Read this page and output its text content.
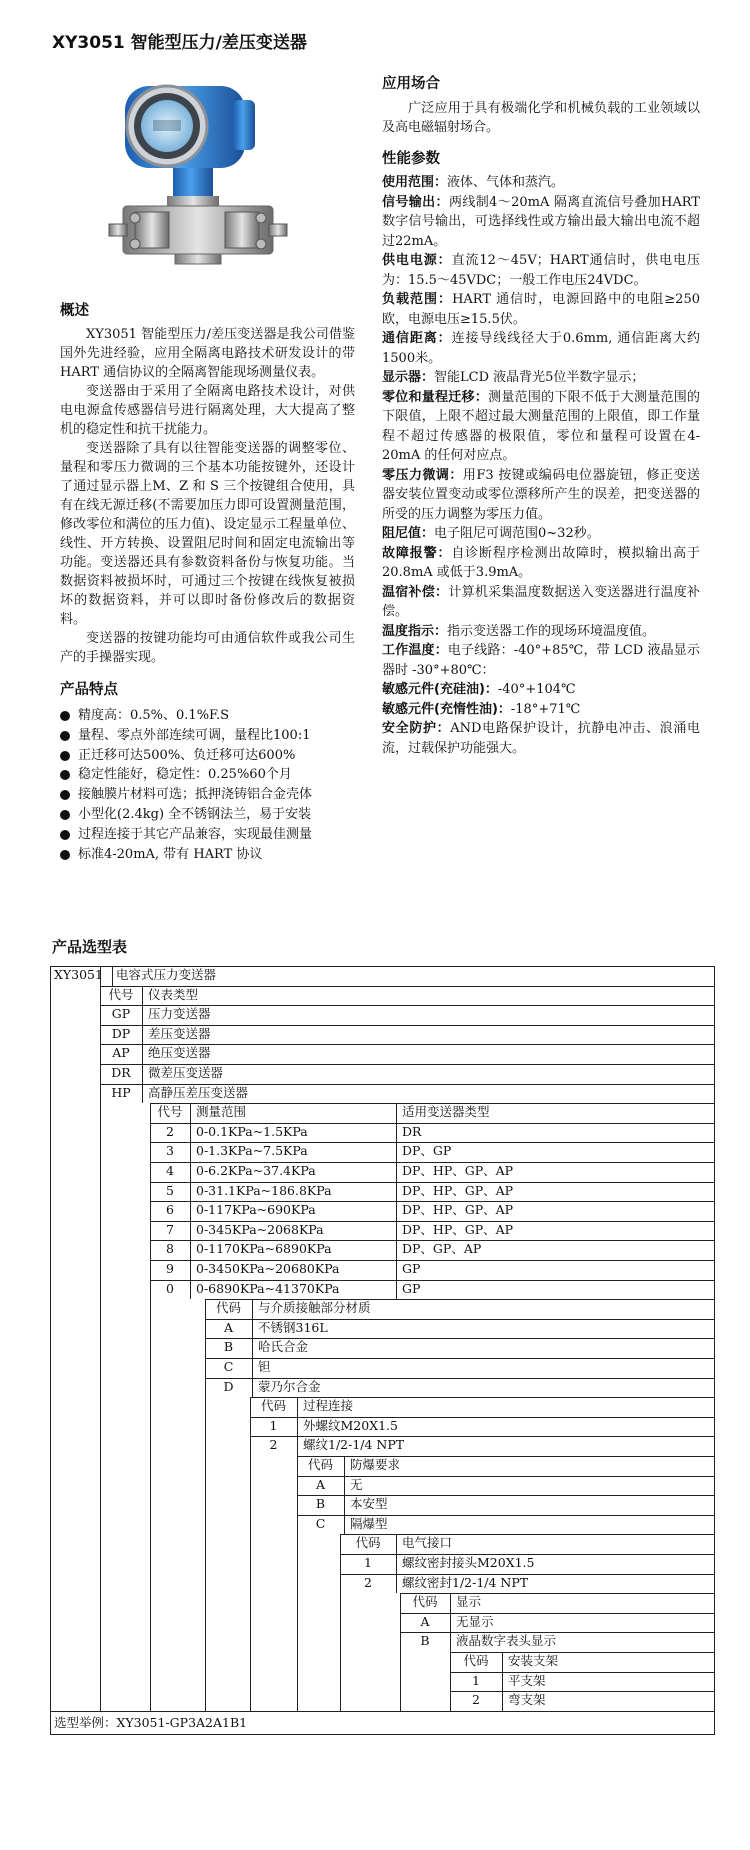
XY3051 智能型压力/差压变送器
概述

XY3051 智能型压力/差压变送器是我公司借鉴国外先进经验，应用全隔离电路技术研发设计的带 HART 通信协议的全隔离智能现场测量仪表。

变送器由于采用了全隔离电路技术设计，对供电电源盒传感器信号进行隔离处理，大大提高了整机的稳定性和抗干扰能力。

变送器除了具有以往智能变送器的调整零位、量程和零压力微调的三个基本功能按键外，还设计了通过显示器上M、Z 和 S 三个按键组合使用，具有在线无源迁移(不需要加压力即可设置测量范围，修改零位和满位的压力值)、设定显示工程量单位、线性、开方转换、设置阻尼时间和固定电流输出等功能。变送器还具有参数资料备份与恢复功能。当数据资料被损坏时，可通过三个按键在线恢复被损坏的数据资料，并可以即时备份修改后的数据资料。

变送器的按键功能均可由通信软件或我公司生产的手操器实现。

产品特点
精度高：0.5%、0.1%F.S
量程、零点外部连续可调，量程比100:1
正迁移可达500%、负迁移可达600%
稳定性能好，稳定性：0.25%60个月
接触膜片材料可选；抵押浇铸铝合金壳体
小型化(2.4kg) 全不锈钢法兰，易于安装
过程连接于其它产品兼容，实现最佳测量
标准4-20mA, 带有 HART 协议
应用场合

广泛应用于具有极端化学和机械负载的工业领域以 及高电磁辐射场合。

性能参数

使用范围：液体、气体和蒸汽。

信号输出：两线制4～20mA 隔离直流信号叠加HART数字信号输出，可选择线性或方输出最大输出电流不超过22mA。

供电电源：直流12～45V；HART通信时，供电电压为：15.5～45VDC；一般工作电压24VDC。

负载范围：HART 通信时，电源回路中的电阻≥250 欧，电源电压≥15.5伏。

通信距离：连接导线线径大于0.6mm, 通信距离大约1500米。

显示器：智能LCD 液晶背光5位半数字显示；

零位和量程迁移：测量范围的下限不低于大测量范围的下限值，上限不超过最大测量范围的上限值，即工作量 程不超过传感器的极限值，零位和量程可设置在4-20mA 的任何对应点。

零压力微调：用F3 按键或编码电位器旋钮，修正变送器安装位置变动或零位漂移所产生的误差，把变送器的所受的压力调整为零压力值。

阻尼值：电子阻尼可调范围0~32秒。

故障报警：自诊断程序检测出故障时，模拟输出高于20.8mA 或低于3.9mA。

温宿补偿：计算机采集温度数据送入变送器进行温度补偿。

温度指示：指示变送器工作的现场环境温度值。

工作温度：电子线路：-40°+85℃，带 LCD 液晶显示器时 -30°+80℃：

敏感元件(充硅油)：-40°+104℃

敏感元件(充惰性油)：-18°+71℃

安全防护：AND电路保护设计，抗静电冲击、浪涌电流，过载保护功能强大。

产品选型表
XY3051 电容式压力变送器
代号	仪表类型
GP	压力变送器
DP	差压变送器
AP	绝压变送器
DR	微差压变送器
HP	高静压差压变送器
代号	测量范围	适用变送器类型
2	0-0.1KPa~1.5KPa	DR
3	0-1.3KPa~7.5KPa	DP、GP
4	0-6.2KPa~37.4KPa	DP、HP、GP、AP
5	0-31.1KPa~186.8KPa	DP、HP、GP、AP
6	0-117KPa~690KPa	DP、HP、GP、AP
7	0-345KPa~2068KPa	DP、HP、GP、AP
8	0-1170KPa~6890KPa	DP、GP、AP
9	0-3450KPa~20680KPa	GP
0	0-6890KPa~41370KPa	GP
代码	与介质接触部分材质
A	不锈钢316L
B	哈氏合金
C	钽
D	蒙乃尔合金
代码	过程连接
1	外螺纹M20X1.5
2	螺纹1/2-1/4 NPT
代码	防爆要求
A	无
B	本安型
C	隔爆型
代码	电气接口
1	螺纹密封接头M20X1.5
2	螺纹密封1/2-1/4 NPT
代码	显示
A	无显示
B	液晶数字表头显示
代码	安装支架
1	平支架
2	弯支架
选型举例：XY3051-GP3A2A1B1
